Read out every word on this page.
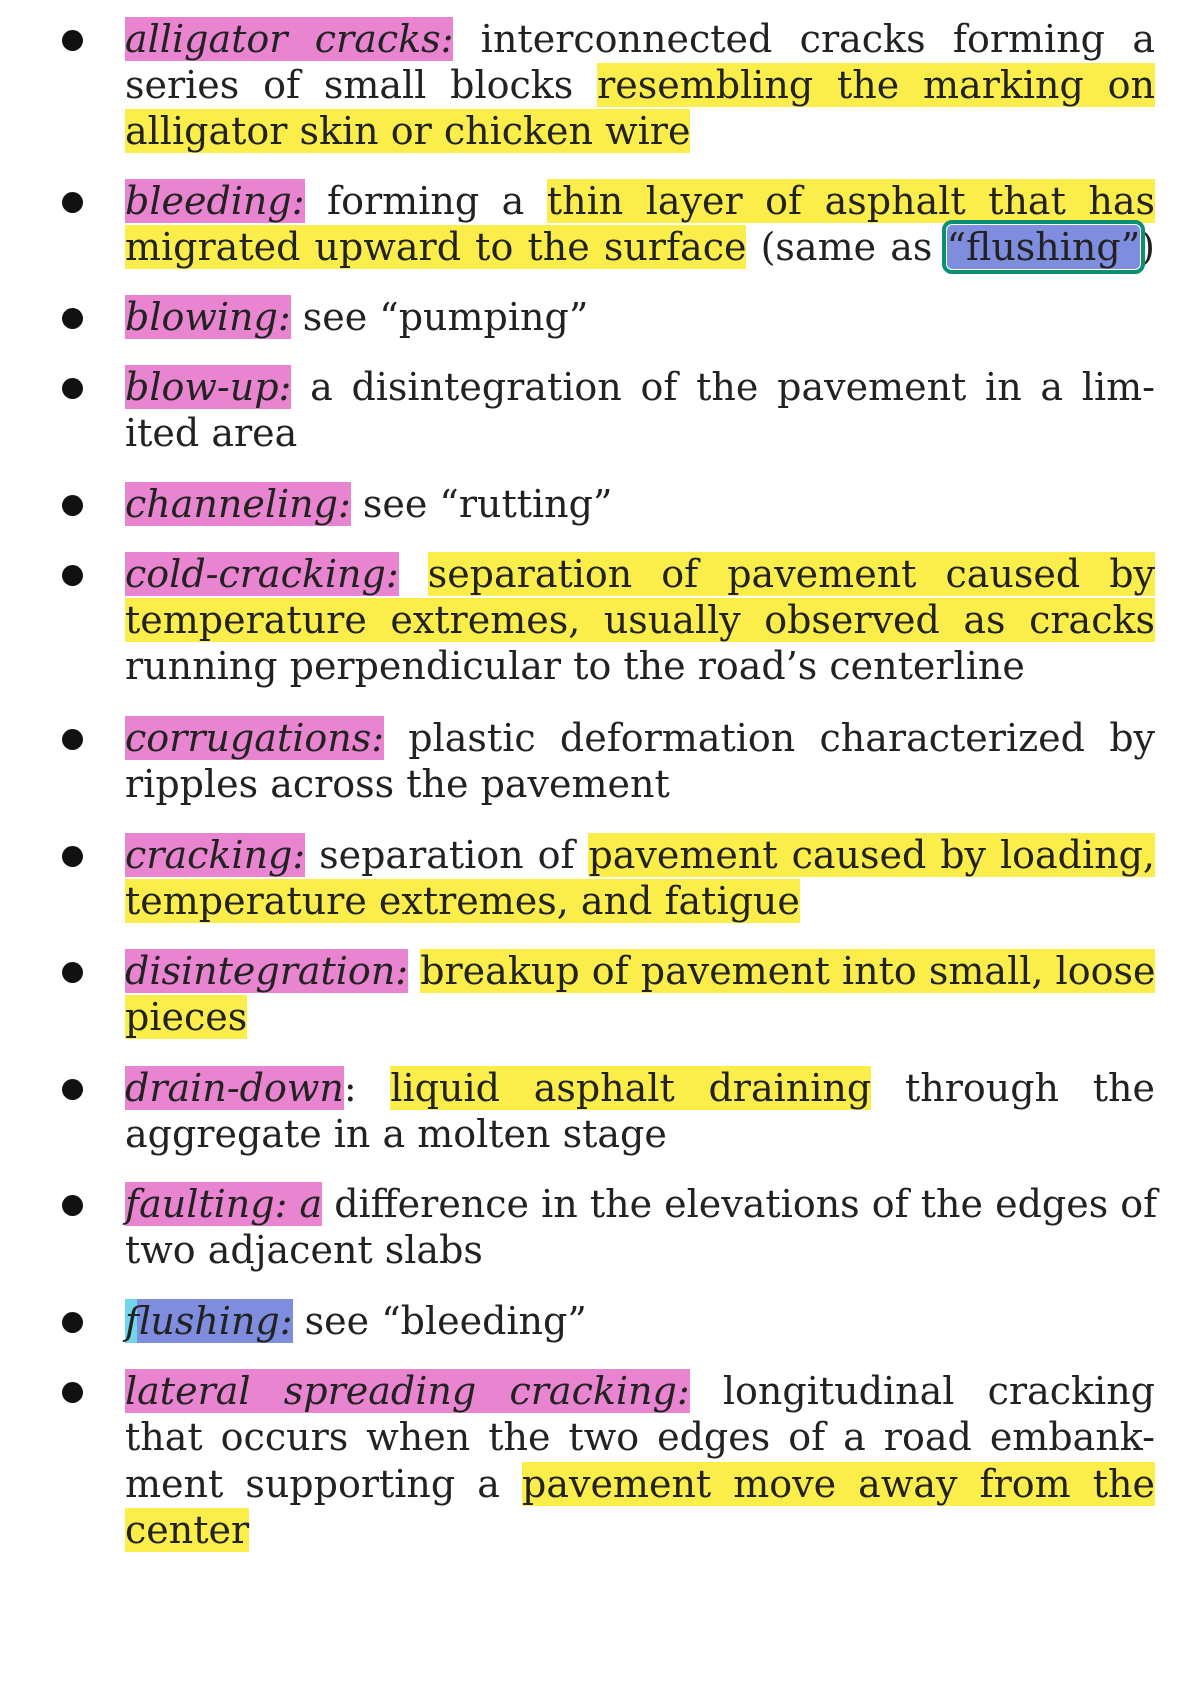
alligator cracks: interconnected cracks forming a
series of small blocks resembling the marking on
alligator skin or chicken wire
bleeding: forming a thin layer of asphalt that has
migrated upward to the surface (same as “flushing”)
blowing: see “pumping”
blow-up: a disintegration of the pavement in a lim-
ited area
channeling: see “rutting”
cold-cracking: separation of pavement caused by
temperature extremes, usually observed as cracks
running perpendicular to the road’s centerline
corrugations: plastic deformation characterized by
ripples across the pavement
cracking: separation of pavement caused by loading,
temperature extremes, and fatigue
disintegration: breakup of pavement into small, loose
pieces
drain-down: liquid asphalt draining through the
aggregate in a molten stage
faulting: a difference in the elevations of the edges of
two adjacent slabs
flushing: see “bleeding”
lateral spreading cracking: longitudinal cracking
that occurs when the two edges of a road embank-
ment supporting a pavement move away from the
center
